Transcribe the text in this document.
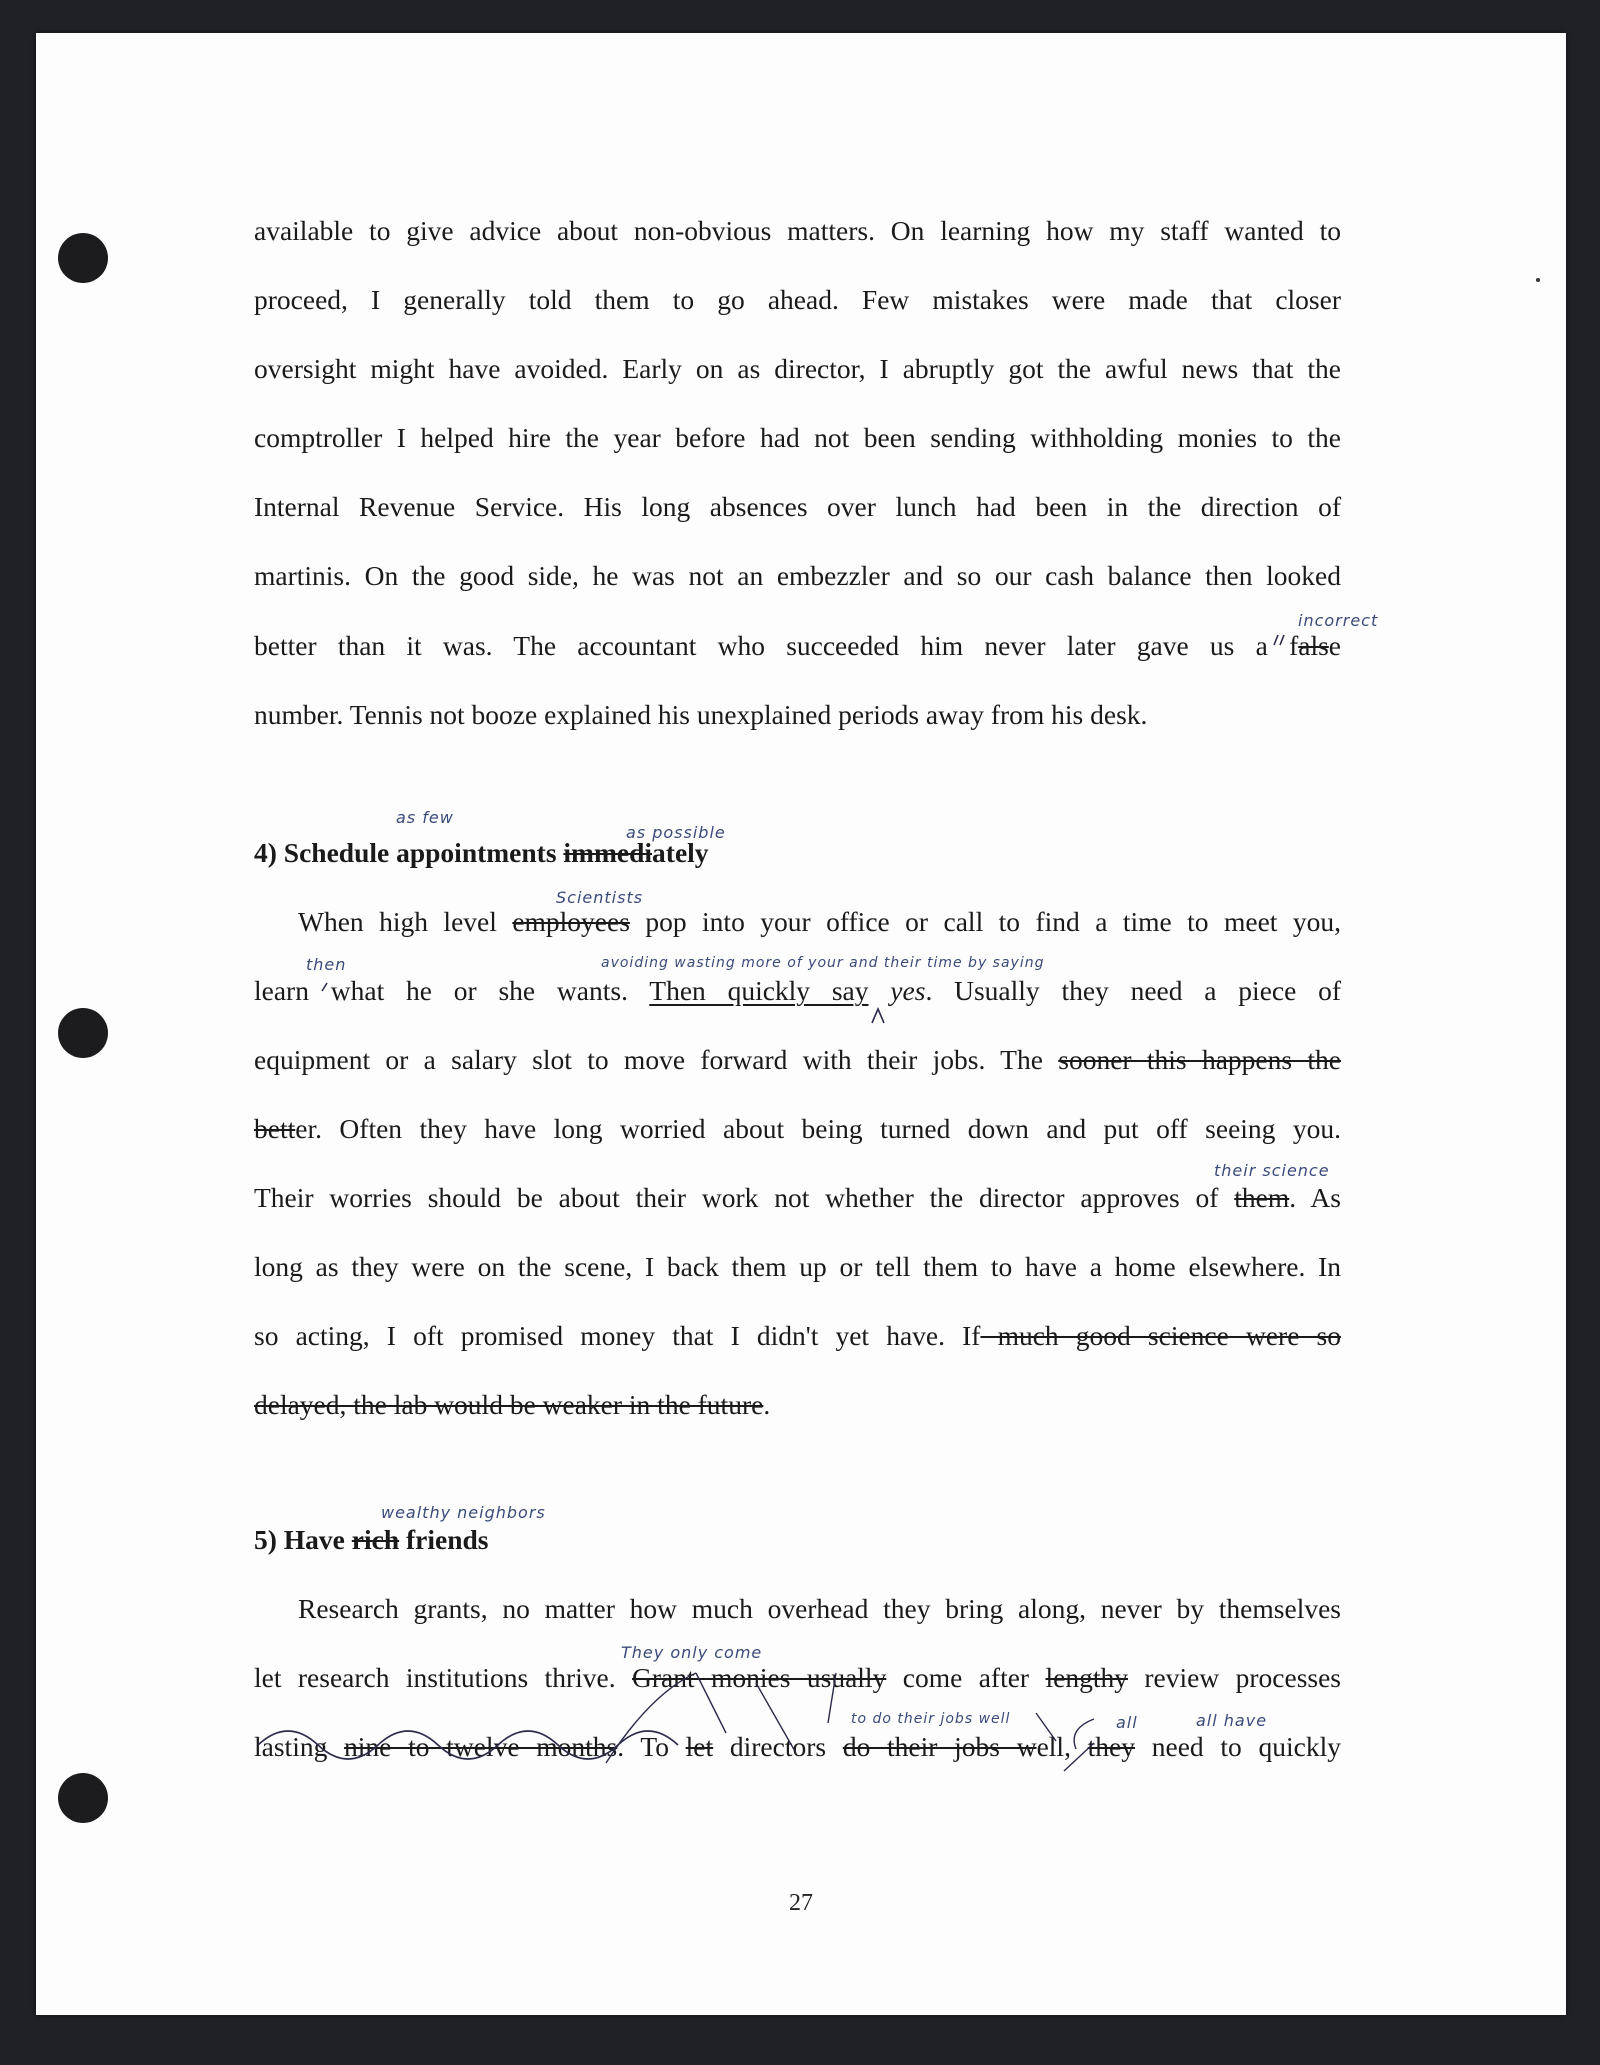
available to give advice about non-obvious matters. On learning how my staff wanted to
proceed, I generally told them to go ahead. Few mistakes were made that closer
oversight might have avoided. Early on as director, I abruptly got the awful news that the
comptroller I helped hire the year before had not been sending withholding monies to the
Internal Revenue Service. His long absences over lunch had been in the direction of
martinis. On the good side, he was not an embezzler and so our cash balance then looked
better than it was. The accountant who succeeded him never later gave us a false
number. Tennis not booze explained his unexplained periods away from his desk.
4) Schedule appointments immediately
When high level employees pop into your office or call to find a time to meet you,
learn what he or she wants. Then quickly say yes. Usually they need a piece of
equipment or a salary slot to move forward with their jobs. The sooner this happens the
better. Often they have long worried about being turned down and put off seeing you.
Their worries should be about their work not whether the director approves of them. As
long as they were on the scene, I back them up or tell them to have a home elsewhere. In
so acting, I oft promised money that I didn't yet have. If much good science were so
delayed, the lab would be weaker in the future.
5) Have rich friends
Research grants, no matter how much overhead they bring along, never by themselves
let research institutions thrive. Grant monies usually come after lengthy review processes
lasting nine to twelve months. To let directors do their jobs well, they need to quickly
incorrect
as few
as possible
Scientists
then	avoiding wasting more of your and their time by saying
their science
wealthy neighbors
They only come
to do their jobs well	all	all have
27
